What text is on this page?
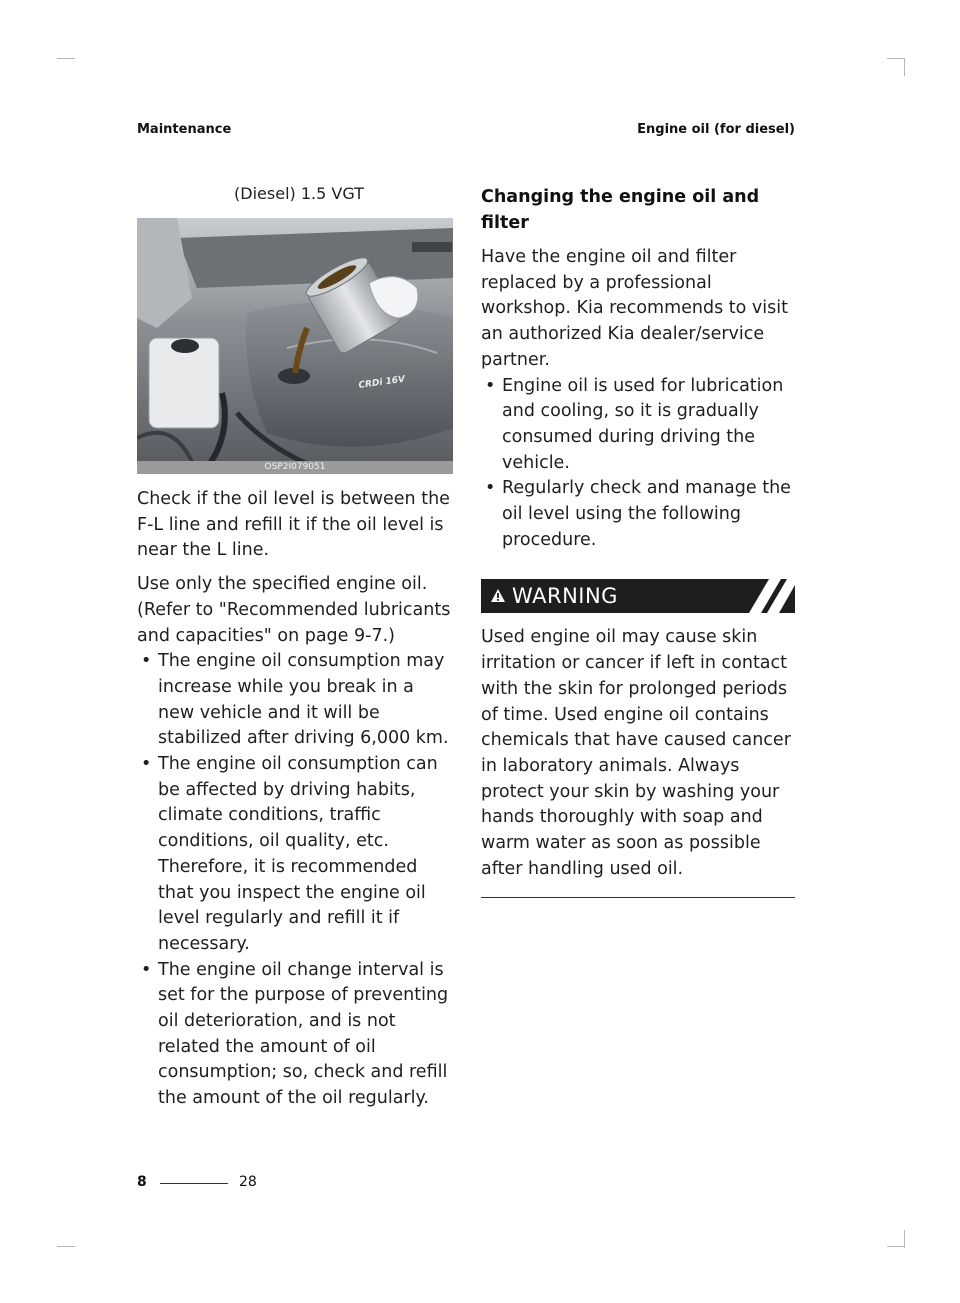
Maintenance	Engine oil (for diesel)
(Diesel) 1.5 VGT
CRDi 16V
OSP2I079051

Check if the oil level is between the F-L line and refill it if the oil level is near the L line.

Use only the specified engine oil. (Refer to "Recommended lubricants and capacities" on page 9-7.)

• The engine oil consumption may increase while you break in a new vehicle and it will be stabilized after driving 6,000 km.
• The engine oil consumption can be affected by driving habits, climate conditions, traffic conditions, oil quality, etc. Therefore, it is recommended that you inspect the engine oil level regularly and refill it if necessary.
• The engine oil change interval is set for the purpose of preventing oil deterioration, and is not related the amount of oil consumption; so, check and refill the amount of the oil regularly.
Changing the engine oil and filter

Have the engine oil and filter replaced by a professional workshop. Kia recommends to visit an authorized Kia dealer/service partner.

• Engine oil is used for lubrication and cooling, so it is gradually consumed during driving the vehicle.
• Regularly check and manage the oil level using the following procedure.
WARNING

Used engine oil may cause skin irritation or cancer if left in contact with the skin for prolonged periods of time. Used engine oil contains chemicals that have caused cancer in laboratory animals. Always protect your skin by washing your hands thoroughly with soap and warm water as soon as possible after handling used oil.

8	28
